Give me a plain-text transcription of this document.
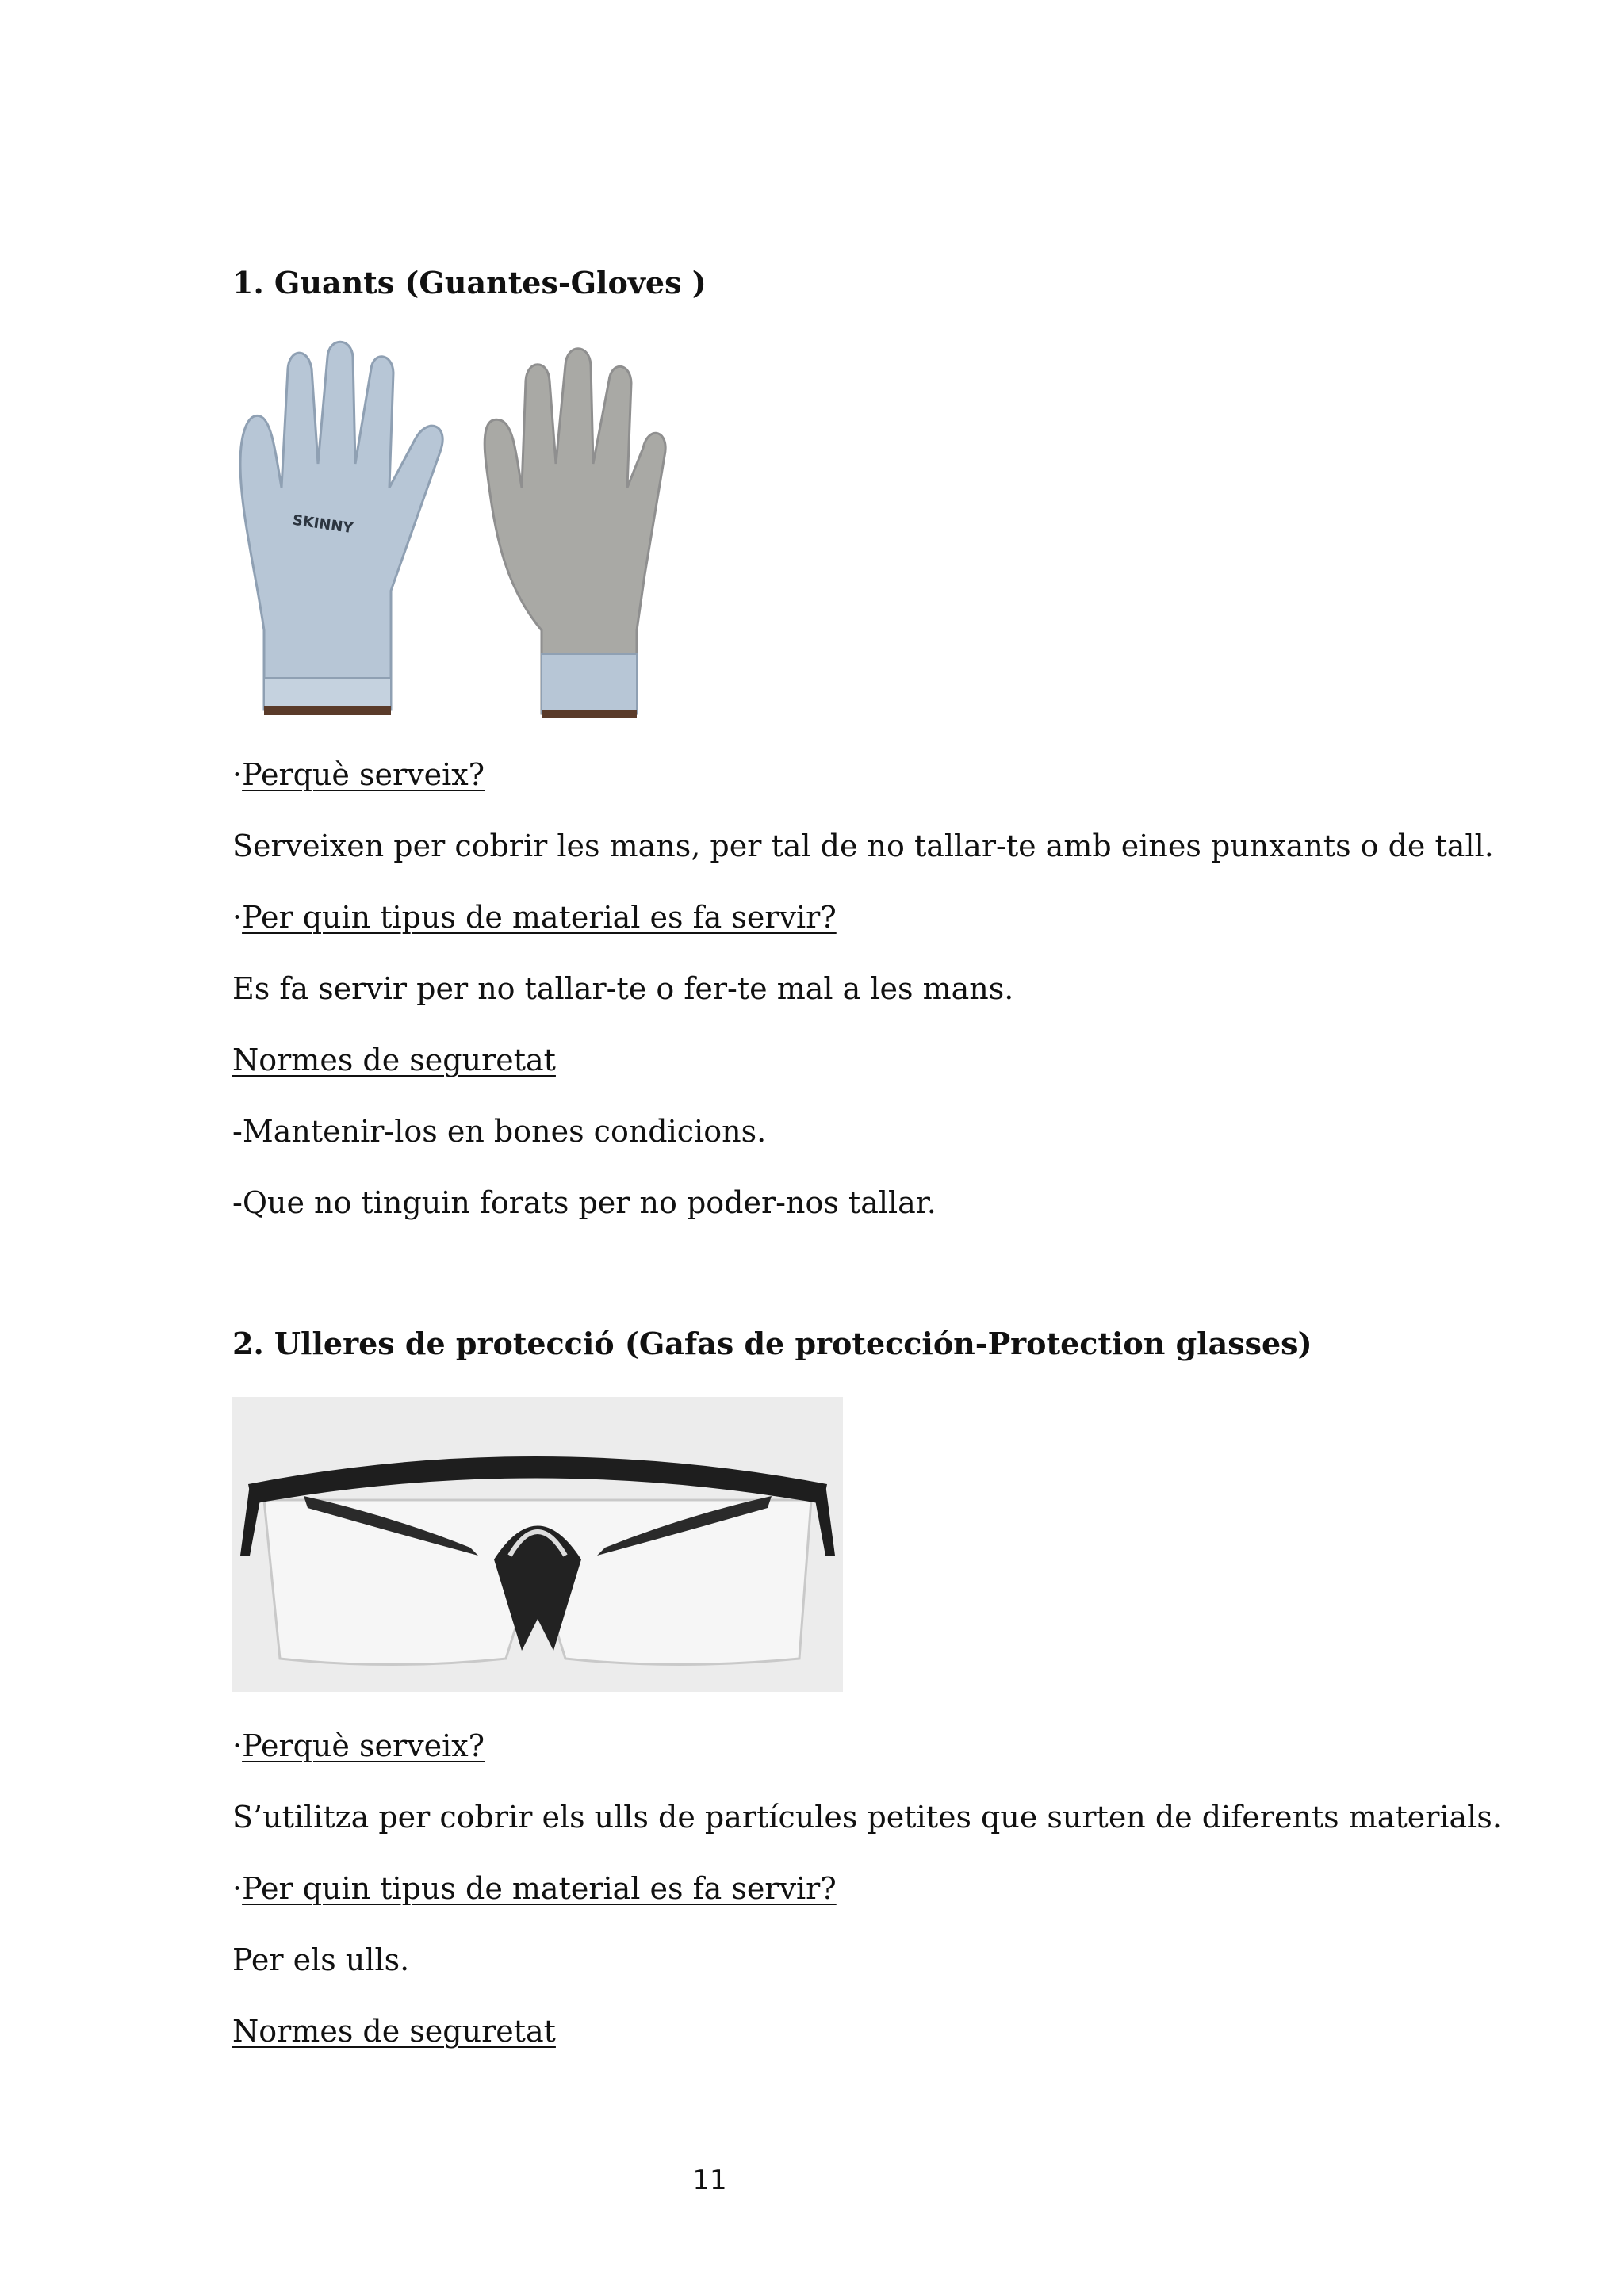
1. Guants (Guantes-Gloves )
SKINNY
·Perquè serveix?
Serveixen per cobrir les mans, per tal de no tallar-te amb eines punxants o de tall.
·Per quin tipus de material es fa servir?
Es fa servir per no tallar-te o fer-te mal a les mans.
Normes de seguretat
-Mantenir-los en bones condicions.
-Que no tinguin forats per no poder-nos tallar.
2. Ulleres de protecció (Gafas de protección-Protection glasses)
·Perquè serveix?
S’utilitza per cobrir els ulls de partícules petites que surten de diferents materials.
·Per quin tipus de material es fa servir?
Per els ulls.
Normes de seguretat
11
